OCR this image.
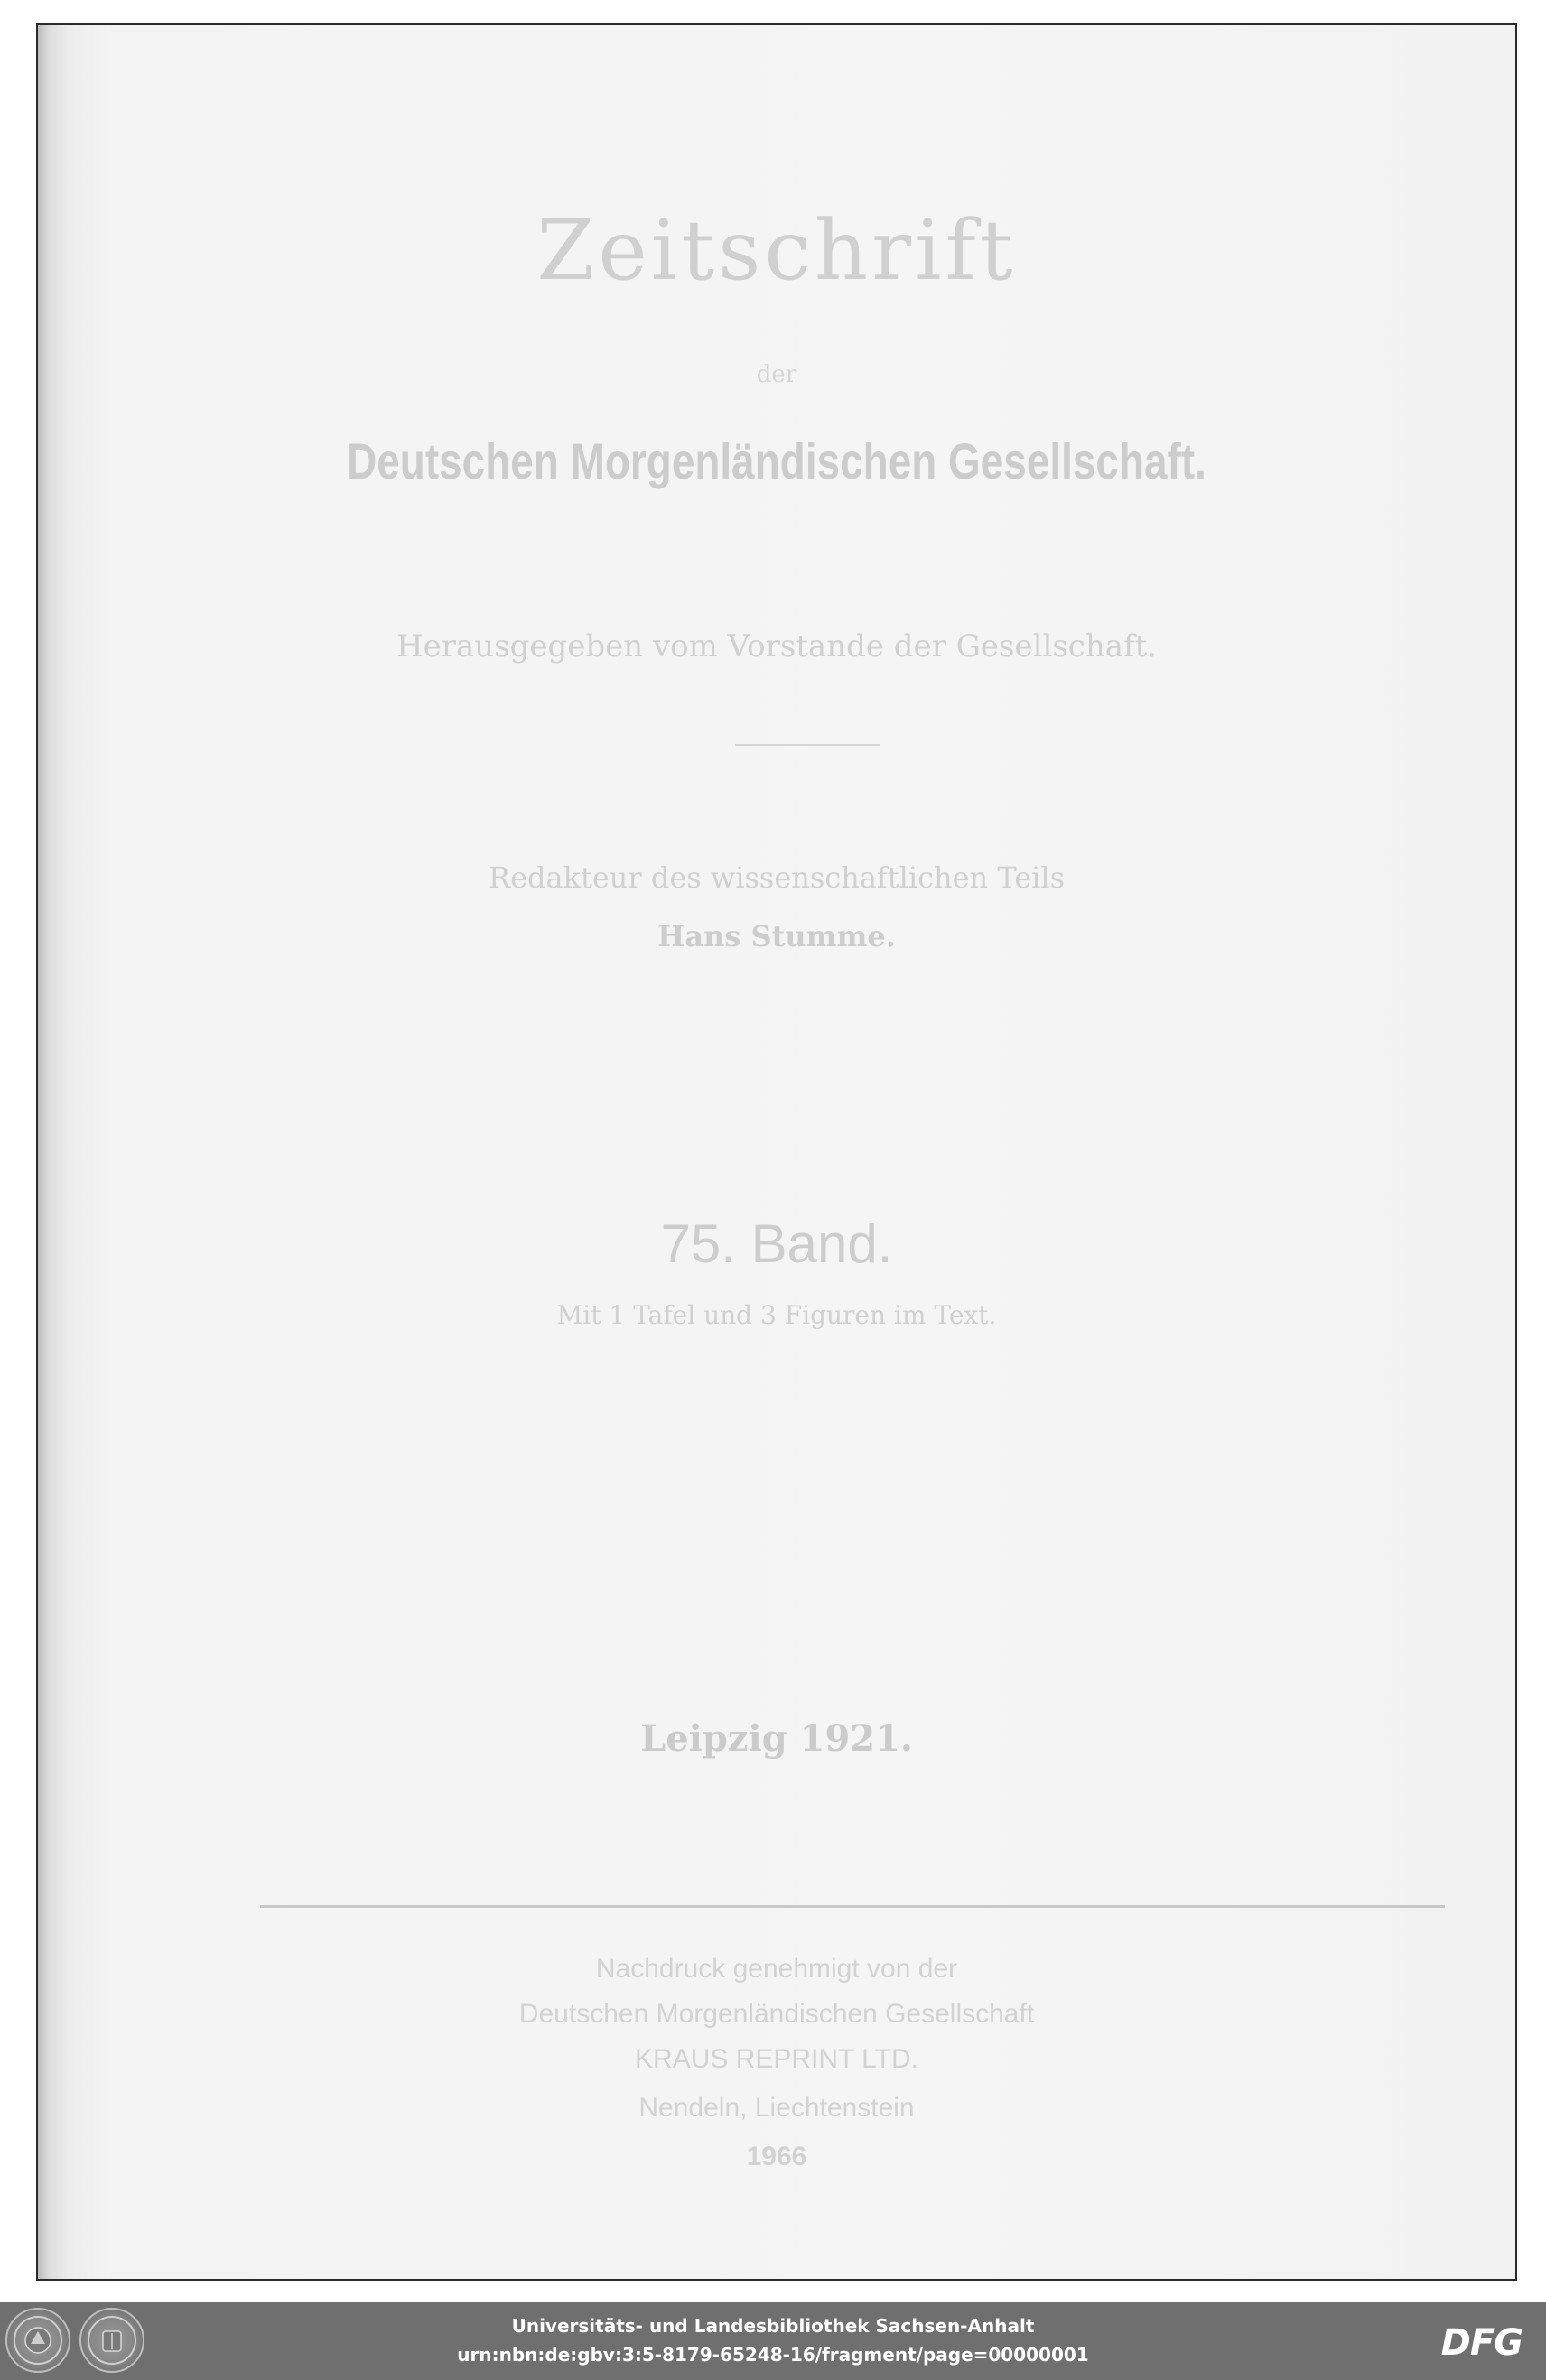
Zeitschrift
der
Deutschen Morgenländischen Gesellschaft.
Herausgegeben vom Vorstande der Gesellschaft.
Redakteur des wissenschaftlichen Teils
Hans Stumme.
75. Band.
Mit 1 Tafel und 3 Figuren im Text.
Leipzig 1921.
Nachdruck genehmigt von der
Deutschen Morgenländischen Gesellschaft
KRAUS REPRINT LTD.
Nendeln, Liechtenstein
1966
Universitäts- und Landesbibliothek Sachsen-Anhalt
urn:nbn:de:gbv:3:5-8179-65248-16/fragment/page=00000001	DFG
